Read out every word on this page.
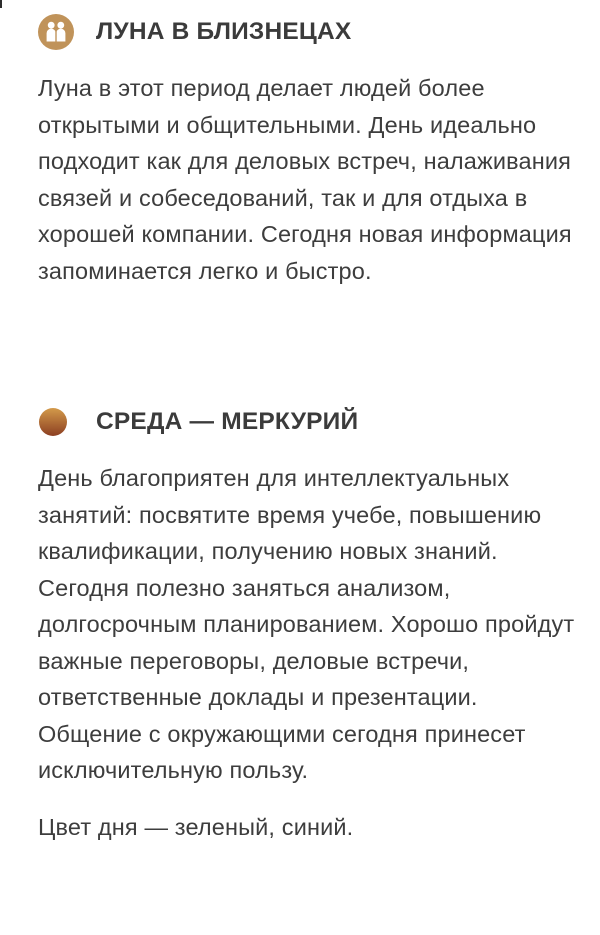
ЛУНА В БЛИЗНЕЦАХ

Луна в этот период делает людей более открытыми и общительными. День идеально подходит как для деловых встреч, налаживания связей и собеседований, так и для отдыха в хорошей компании. Сегодня новая информация запоминается легко и быстро.

СРЕДА — МЕРКУРИЙ

День благоприятен для интеллектуальных занятий: посвятите время учебе, повышению квалификации, получению новых знаний. Сегодня полезно заняться анализом, долгосрочным планированием. Хорошо пройдут важные переговоры, деловые встречи, ответственные доклады и презентации. Общение с окружающими сегодня принесет исключительную пользу.

Цвет дня — зеленый, синий.
